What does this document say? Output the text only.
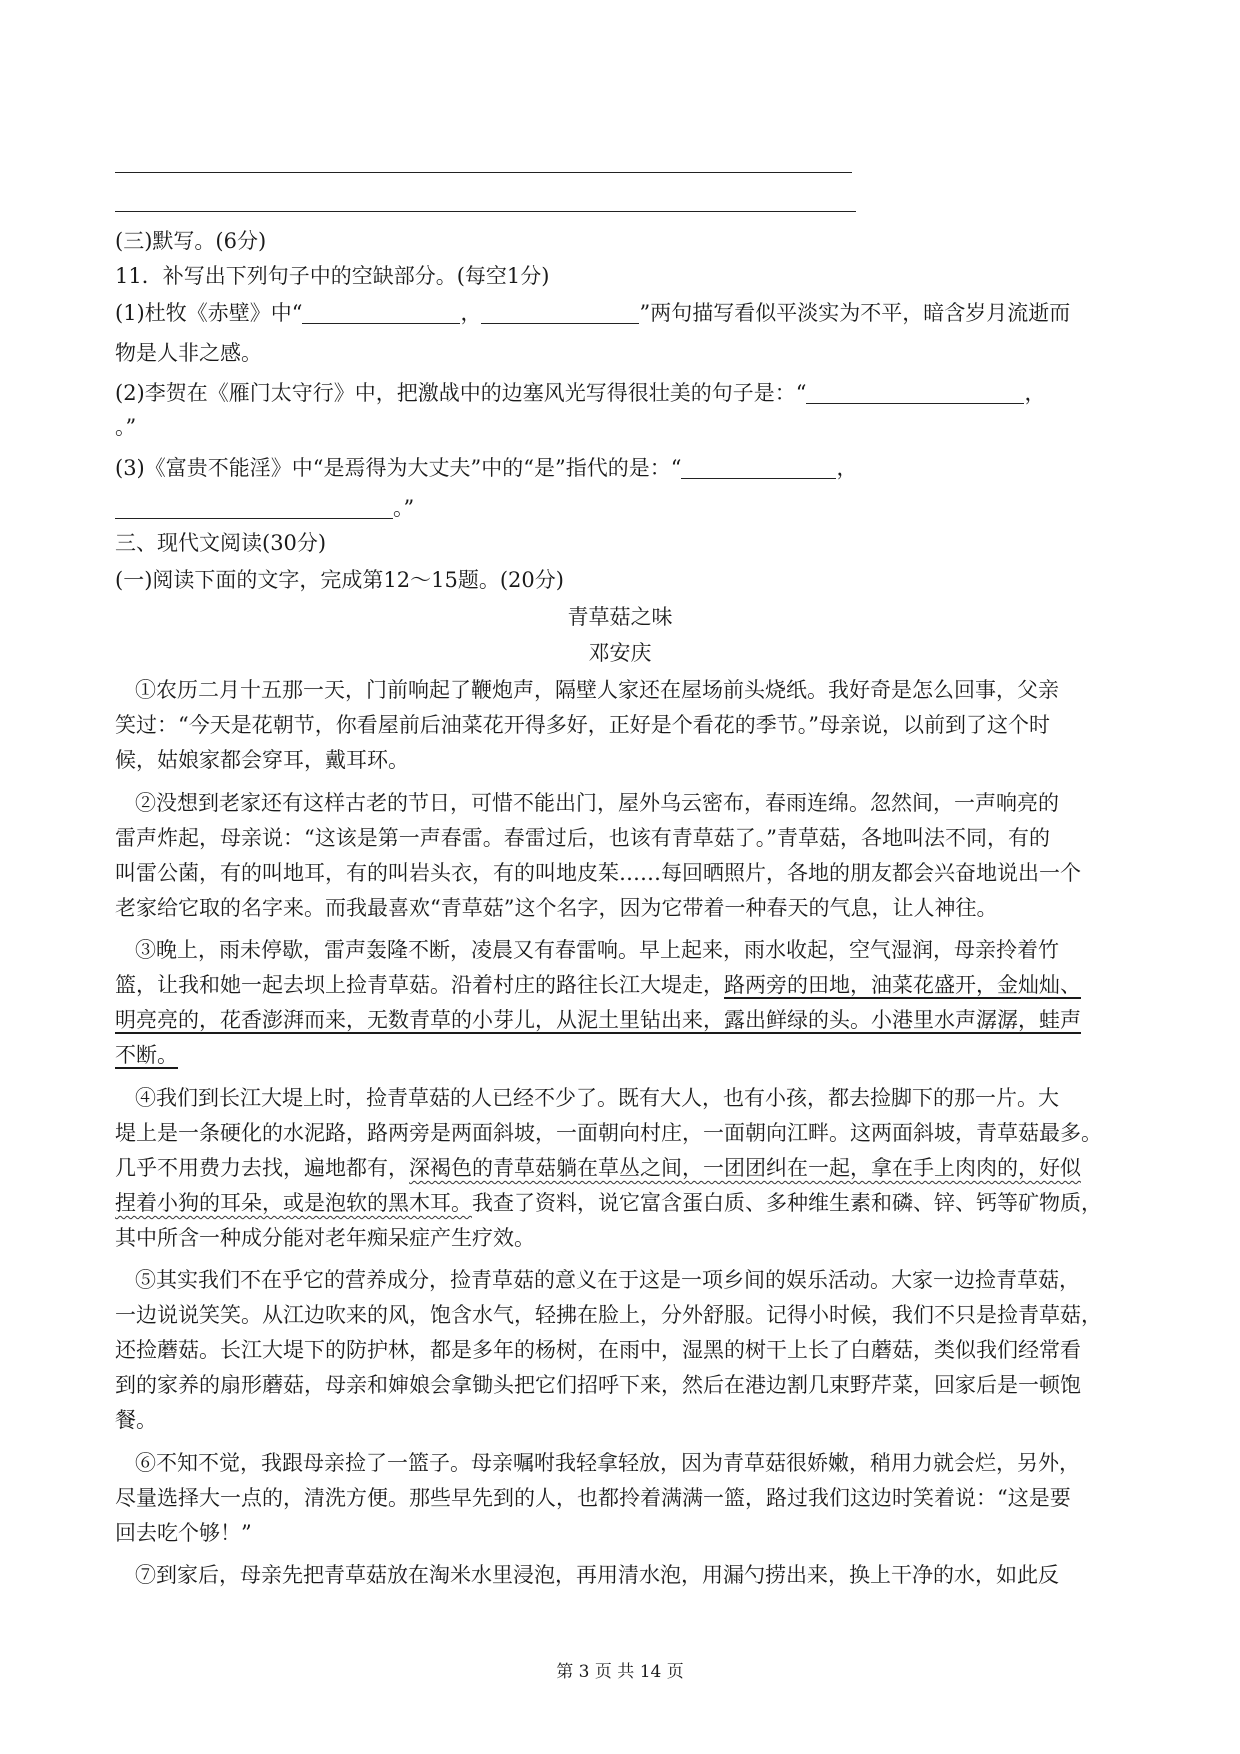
(三)默写。(6分)
11．补写出下列句子中的空缺部分。(每空1分)
(1)杜牧《赤壁》中“	，	”两句描写看似平淡实为不平，暗含岁月流逝而
物是人非之感。
(2)李贺在《雁门太守行》中，把激战中的边塞风光写得很壮美的句子是：“	，
。”
(3)《富贵不能淫》中“是焉得为大丈夫”中的“是”指代的是：“	，
。”
三、现代文阅读(30分)
(一)阅读下面的文字，完成第12～15题。(20分)
青草菇之味
邓安庆
①农历二月十五那一天，门前响起了鞭炮声，隔壁人家还在屋场前头烧纸。我好奇是怎么回事，父亲
笑过：“今天是花朝节，你看屋前后油菜花开得多好，正好是个看花的季节。”母亲说，以前到了这个时
候，姑娘家都会穿耳，戴耳环。
②没想到老家还有这样古老的节日，可惜不能出门，屋外乌云密布，春雨连绵。忽然间，一声响亮的
雷声炸起，母亲说：“这该是第一声春雷。春雷过后，也该有青草菇了。”青草菇，各地叫法不同，有的
叫雷公菌，有的叫地耳，有的叫岩头衣，有的叫地皮茱……每回晒照片，各地的朋友都会兴奋地说出一个
老家给它取的名字来。而我最喜欢“青草菇”这个名字，因为它带着一种春天的气息，让人神往。
③晚上，雨未停歇，雷声轰隆不断，凌晨又有春雷响。早上起来，雨水收起，空气湿润，母亲拎着竹
篮，让我和她一起去坝上捡青草菇。沿着村庄的路往长江大堤走，路两旁的田地，油菜花盛开，金灿灿、
明亮亮的，花香澎湃而来，无数青草的小芽儿，从泥土里钻出来，露出鲜绿的头。小港里水声潺潺，蛙声
不断。
④我们到长江大堤上时，捡青草菇的人已经不少了。既有大人，也有小孩，都去捡脚下的那一片。大
堤上是一条硬化的水泥路，路两旁是两面斜坡，一面朝向村庄，一面朝向江畔。这两面斜坡，青草菇最多。
几乎不用费力去找，遍地都有，深褐色的青草菇躺在草丛之间，一团团纠在一起，拿在手上肉肉的，好似
捏着小狗的耳朵，或是泡软的黑木耳。我查了资料，说它富含蛋白质、多种维生素和磷、锌、钙等矿物质，
其中所含一种成分能对老年痴呆症产生疗效。
⑤其实我们不在乎它的营养成分，捡青草菇的意义在于这是一项乡间的娱乐活动。大家一边捡青草菇，
一边说说笑笑。从江边吹来的风，饱含水气，轻拂在脸上，分外舒服。记得小时候，我们不只是捡青草菇，
还捡蘑菇。长江大堤下的防护林，都是多年的杨树，在雨中，湿黑的树干上长了白蘑菇，类似我们经常看
到的家养的扇形蘑菇，母亲和婶娘会拿锄头把它们招呼下来，然后在港边割几束野芹菜，回家后是一顿饱
餐。
⑥不知不觉，我跟母亲捡了一篮子。母亲嘱咐我轻拿轻放，因为青草菇很娇嫩，稍用力就会烂，另外，
尽量选择大一点的，清洗方便。那些早先到的人，也都拎着满满一篮，路过我们这边时笑着说：“这是要
回去吃个够！”
⑦到家后，母亲先把青草菇放在淘米水里浸泡，再用清水泡，用漏勺捞出来，换上干净的水，如此反
第 3 页 共 14 页
